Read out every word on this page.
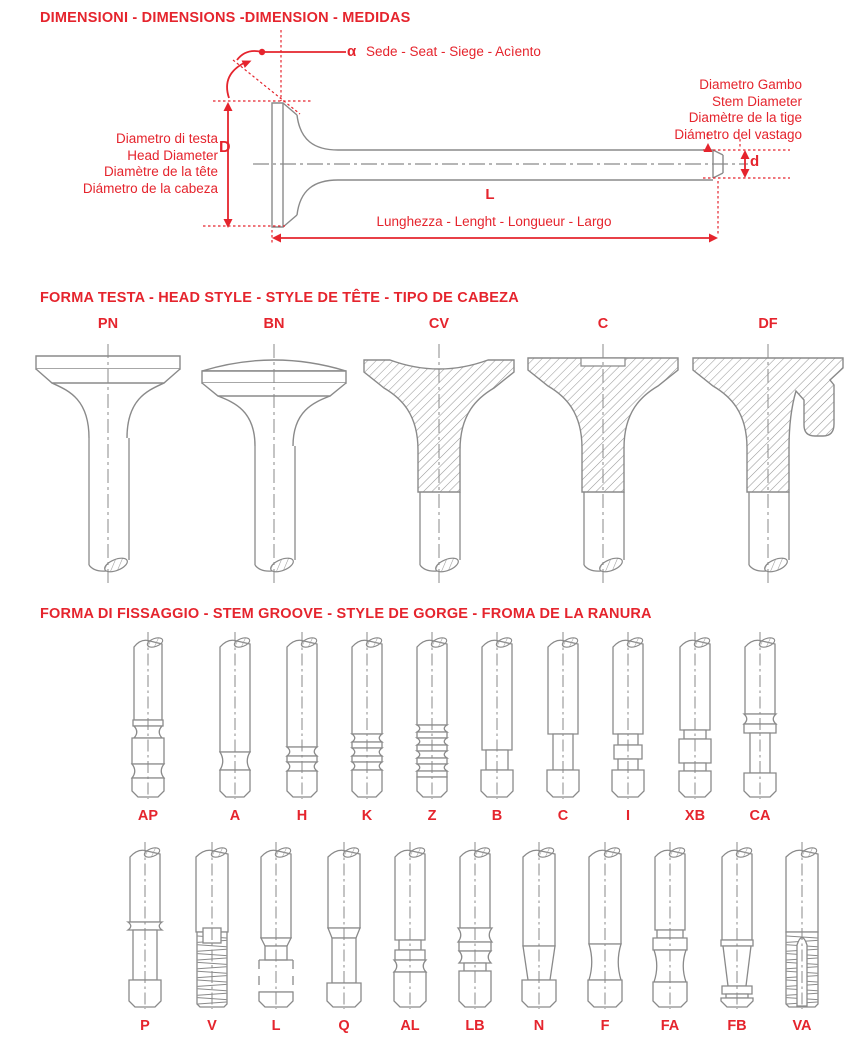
DIMENSIONI - DIMENSIONS -DIMENSION - MEDIDAS
α Sede - Seat - Siege - Acìento
Diametro di testa
Head Diameter
Diamètre de la tête
Diámetro de la cabeza
D
Diametro Gambo
Stem Diameter
Diamètre de la tige
Diámetro del vastago
d
L
Lunghezza - Lenght - Longueur - Largo
FORMA TESTA - HEAD STYLE - STYLE DE TÊTE - TIPO DE CABEZA
FORMA DI FISSAGGIO - STEM GROOVE - STYLE DE GORGE - FROMA DE LA RANURA
PN	BN	CV	C	DF
AP	A	H	K	Z	B	C	I	XB	CA
P	V	L	Q	AL	LB	N	F	FA	FB	VA
